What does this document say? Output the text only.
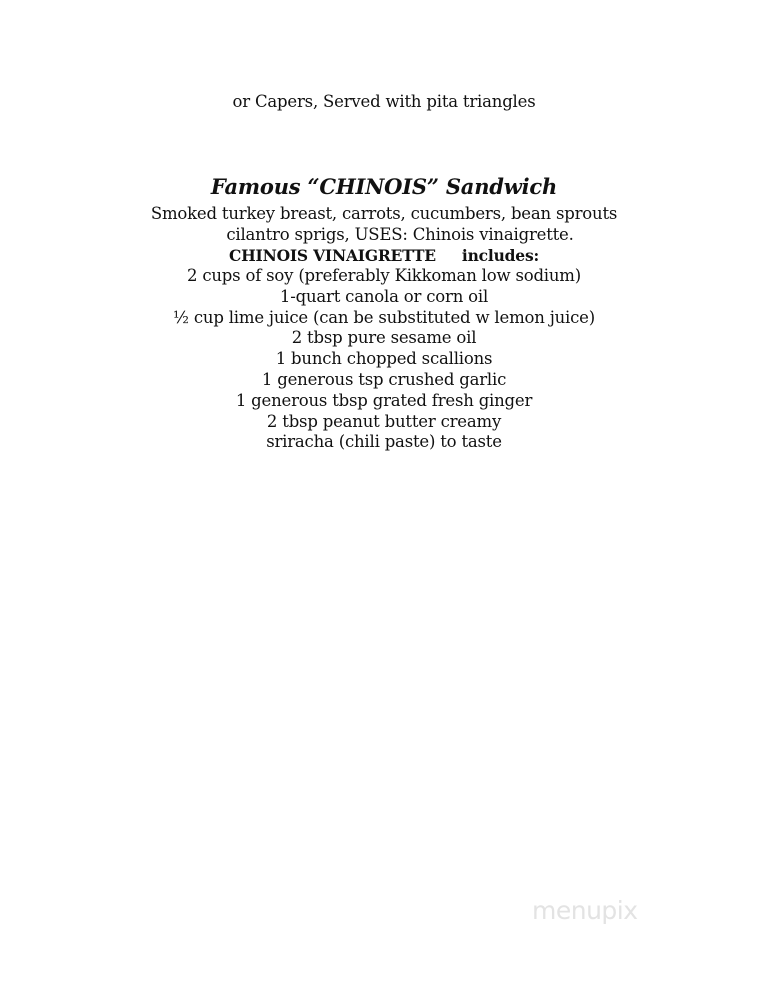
or Capers, Served with pita triangles
Famous “CHINOIS” Sandwich
Smoked turkey breast, carrots, cucumbers, bean sprouts
cilantro sprigs, USES: Chinois vinaigrette.
CHINOIS VINAIGRETTE includes:
2 cups of soy (preferably Kikkoman low sodium)
1-quart canola or corn oil
½ cup lime juice (can be substituted w lemon juice)
2 tbsp pure sesame oil
1 bunch chopped scallions
1 generous tsp crushed garlic
1 generous tbsp grated fresh ginger
2 tbsp peanut butter creamy
sriracha (chili paste) to taste
menupix
